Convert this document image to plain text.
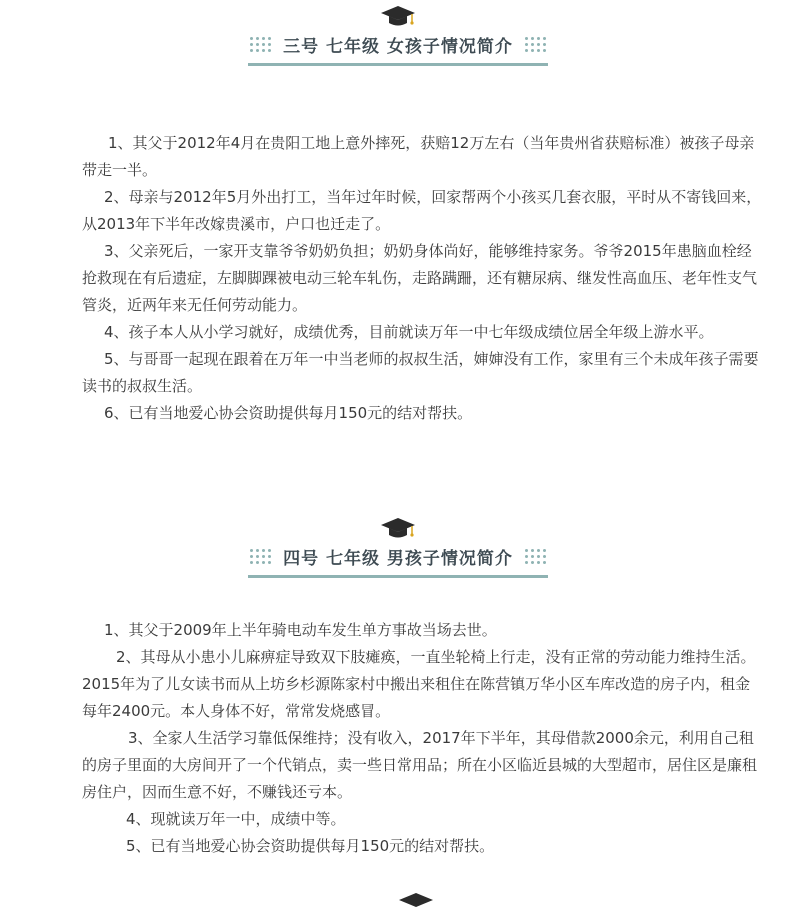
三号 七年级 女孩子情况简介

1、其父于2012年4月在贵阳工地上意外摔死，获赔12万左右（当年贵州省获赔标准）被孩子母亲带走一半。

2、母亲与2012年5月外出打工，当年过年时候，回家帮两个小孩买几套衣服，平时从不寄钱回来，从2013年下半年改嫁贵溪市，户口也迁走了。

3、父亲死后，一家开支靠爷爷奶奶负担；奶奶身体尚好，能够维持家务。爷爷2015年患脑血栓经抢救现在有后遗症，左脚脚踝被电动三轮车轧伤，走路蹒跚，还有糖尿病、继发性高血压、老年性支气管炎，近两年来无任何劳动能力。

4、孩子本人从小学习就好，成绩优秀，目前就读万年一中七年级成绩位居全年级上游水平。

5、与哥哥一起现在跟着在万年一中当老师的叔叔生活，婶婶没有工作，家里有三个未成年孩子需要读书的叔叔生活。

6、已有当地爱心协会资助提供每月150元的结对帮扶。

四号 七年级 男孩子情况简介

1、其父于2009年上半年骑电动车发生单方事故当场去世。

2、其母从小患小儿麻痹症导致双下肢瘫痪，一直坐轮椅上行走，没有正常的劳动能力维持生活。2015年为了儿女读书而从上坊乡杉源陈家村中搬出来租住在陈营镇万华小区车库改造的房子内，租金每年2400元。本人身体不好，常常发烧感冒。

3、全家人生活学习靠低保维持；没有收入，2017年下半年，其母借款2000余元，利用自己租的房子里面的大房间开了一个代销点，卖一些日常用品；所在小区临近县城的大型超市，居住区是廉租房住户，因而生意不好，不赚钱还亏本。

4、现就读万年一中，成绩中等。

5、已有当地爱心协会资助提供每月150元的结对帮扶。
